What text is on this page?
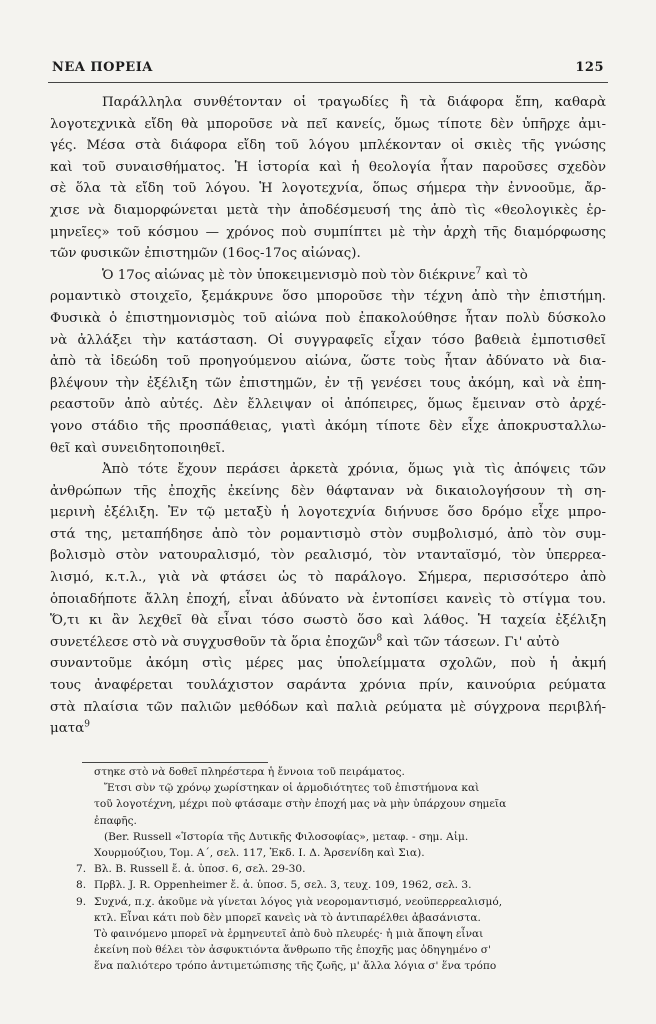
ΝΕΑ ΠΟΡΕΙΑ	125
Παράλληλα συνθέτονταν οἱ τραγωδίες ἢ τὰ διάφορα ἔπη, καθαρὰ
λογοτεχνικὰ εἴδη θὰ μποροῦσε νὰ πεῖ κανείς, ὅμως τίποτε δὲν ὑπῆρχε ἀμι-
γές. Μέσα στὰ διάφορα εἴδη τοῦ λόγου μπλέκονταν οἱ σκιὲς τῆς γνώσης
καὶ τοῦ συναισθήματος. Ἡ ἱστορία καὶ ἡ θεολογία ἦταν παροῦσες σχεδὸν
σὲ ὅλα τὰ εἴδη τοῦ λόγου. Ἡ λογοτεχνία, ὅπως σήμερα τὴν ἐννοοῦμε, ἄρ-
χισε νὰ διαμορφώνεται μετὰ τὴν ἀποδέσμευσή της ἀπὸ τὶς «θεολογικὲς ἑρ-
μηνεῖες» τοῦ κόσμου — χρόνος ποὺ συμπίπτει μὲ τὴν ἀρχὴ τῆς διαμόρφωσης
τῶν φυσικῶν ἐπιστημῶν (16ος-17ος αἰώνας).
Ὁ 17ος αἰώνας μὲ τὸν ὑποκειμενισμὸ ποὺ τὸν διέκρινε$^7$ καὶ τὸ
ρομαντικὸ στοιχεῖο, ξεμάκρυνε ὅσο μποροῦσε τὴν τέχνη ἀπὸ τὴν ἐπιστήμη.
Φυσικὰ ὁ ἐπιστημονισμὸς τοῦ αἰώνα ποὺ ἐπακολούθησε ἦταν πολὺ δύσκολο
νὰ ἀλλάξει τὴν κατάσταση. Οἱ συγγραφεῖς εἶχαν τόσο βαθειὰ ἐμποτισθεῖ
ἀπὸ τὰ ἰδεώδη τοῦ προηγούμενου αἰώνα, ὥστε τοὺς ἦταν ἀδύνατο νὰ δια-
βλέψουν τὴν ἐξέλιξη τῶν ἐπιστημῶν, ἐν τῇ γενέσει τους ἀκόμη, καὶ νὰ ἐπη-
ρεαστοῦν ἀπὸ αὐτές. Δὲν ἔλλειψαν οἱ ἀπόπειρες, ὅμως ἔμειναν στὸ ἀρχέ-
γονο στάδιο τῆς προσπάθειας, γιατὶ ἀκόμη τίποτε δὲν εἶχε ἀποκρυσταλλω-
θεῖ καὶ συνειδητοποιηθεῖ.
Ἀπὸ τότε ἔχουν περάσει ἀρκετὰ χρόνια, ὅμως γιὰ τὶς ἀπόψεις τῶν
ἀνθρώπων τῆς ἐποχῆς ἐκείνης δὲν θάφταναν νὰ δικαιολογήσουν τὴ ση-
μερινὴ ἐξέλιξη. Ἐν τῷ μεταξὺ ἡ λογοτεχνία διήνυσε ὅσο δρόμο εἶχε μπρο-
στά της, μεταπήδησε ἀπὸ τὸν ρομαντισμὸ στὸν συμβολισμό, ἀπὸ τὸν συμ-
βολισμὸ στὸν νατουραλισμό, τὸν ρεαλισμό, τὸν ντανταϊσμό, τὸν ὑπερρεα-
λισμό, κ.τ.λ., γιὰ νὰ φτάσει ὡς τὸ παράλογο. Σήμερα, περισσότερο ἀπὸ
ὁποιαδήποτε ἄλλη ἐποχή, εἶναι ἀδύνατο νὰ ἐντοπίσει κανεὶς τὸ στίγμα του.
Ὅ,τι κι ἂν λεχθεῖ θὰ εἶναι τόσο σωστὸ ὅσο καὶ λάθος. Ἡ ταχεία ἐξέλιξη
συνετέλεσε στὸ νὰ συγχυσθοῦν τὰ ὅρια ἐποχῶν$^8$ καὶ τῶν τάσεων. Γι' αὐτὸ
συναντοῦμε ἀκόμη στὶς μέρες μας ὑπολείμματα σχολῶν, ποὺ ἡ ἀκμή
τους ἀναφέρεται τουλάχιστον σαράντα χρόνια πρίν, καινούρια ρεύματα
στὰ πλαίσια τῶν παλιῶν μεθόδων καὶ παλιὰ ρεύματα μὲ σύγχρονα περιβλή-
ματα$^9$
στηκε στὸ νὰ δοθεῖ πληρέστερα ἡ ἔννοια τοῦ πειράματος.
Ἔτσι σὺν τῷ χρόνῳ χωρίστηκαν οἱ ἁρμοδιότητες τοῦ ἐπιστήμονα καὶ
τοῦ λογοτέχνη, μέχρι ποὺ φτάσαμε στὴν ἐποχή μας νὰ μὴν ὑπάρχουν σημεῖα
ἐπαφῆς.
(Ber. Russell «Ἱστορία τῆς Δυτικῆς Φιλοσοφίας», μεταφ. - σημ. Αἰμ.
Χουρμούζιου, Τομ. Α΄, σελ. 117, Ἐκδ. Ι. Δ. Ἀρσενίδη καὶ Σια).
7. Βλ. B. Russell ἔ. ἀ. ὑποσ. 6, σελ. 29-30.
8. Πρβλ. J. R. Oppenheimer ἔ. ἀ. ὑποσ. 5, σελ. 3, τευχ. 109, 1962, σελ. 3.
9. Συχνά, π.χ. ἀκοῦμε νὰ γίνεται λόγος γιὰ νεορομαντισμό, νεοϋπερρεαλισμό,
κτλ. Εἶναι κάτι ποὺ δὲν μπορεῖ κανεὶς νὰ τὸ ἀντιπαρέλθει ἀβασάνιστα.
Τὸ φαινόμενο μπορεῖ νὰ ἑρμηνευτεῖ ἀπὸ δυὸ πλευρές· ἡ μιὰ ἄποψη εἶναι
ἐκείνη ποὺ θέλει τὸν ἀσφυκτιόντα ἄνθρωπο τῆς ἐποχῆς μας ὁδηγημένο σ'
ἕνα παλιότερο τρόπο ἀντιμετώπισης τῆς ζωῆς, μ' ἄλλα λόγια σ' ἕνα τρόπο
